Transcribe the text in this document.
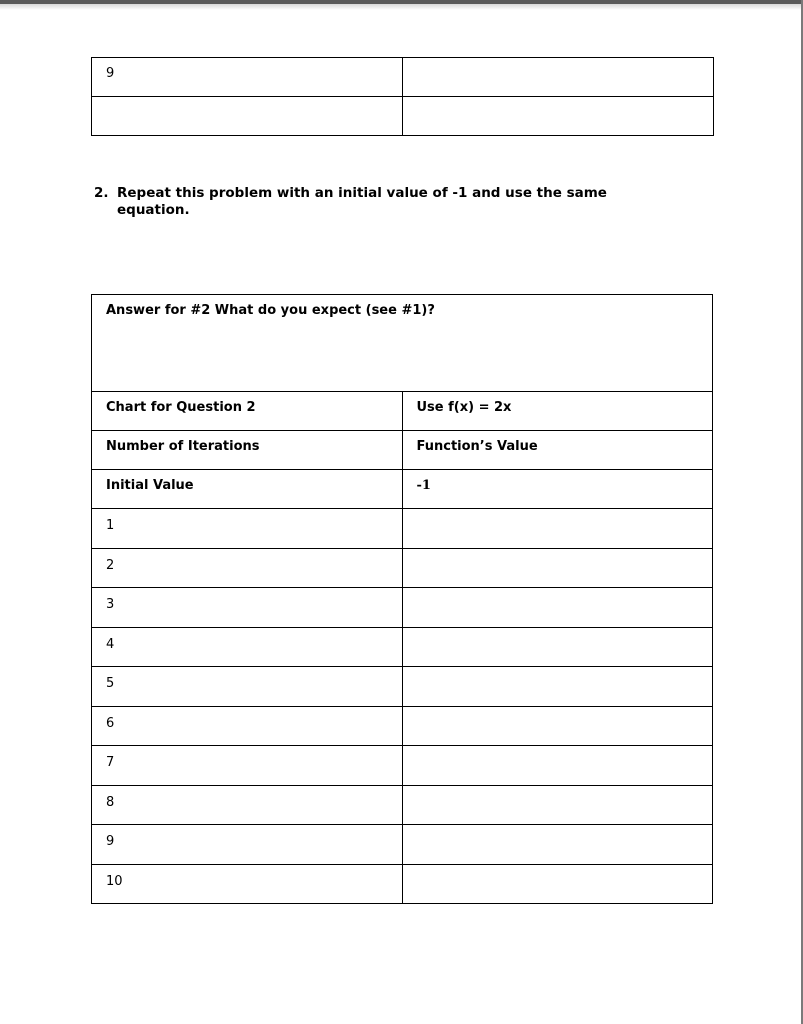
9	

2. Repeat this problem with an initial value of -1 and use the same equation.
Answer for #2 What do you expect (see #1)?	
Chart for Question 2	Use f(x) = 2x
Number of Iterations	Function’s Value
Initial Value	-1
1	
2	
3	
4	
5	
6	
7	
8	
9	
10	
